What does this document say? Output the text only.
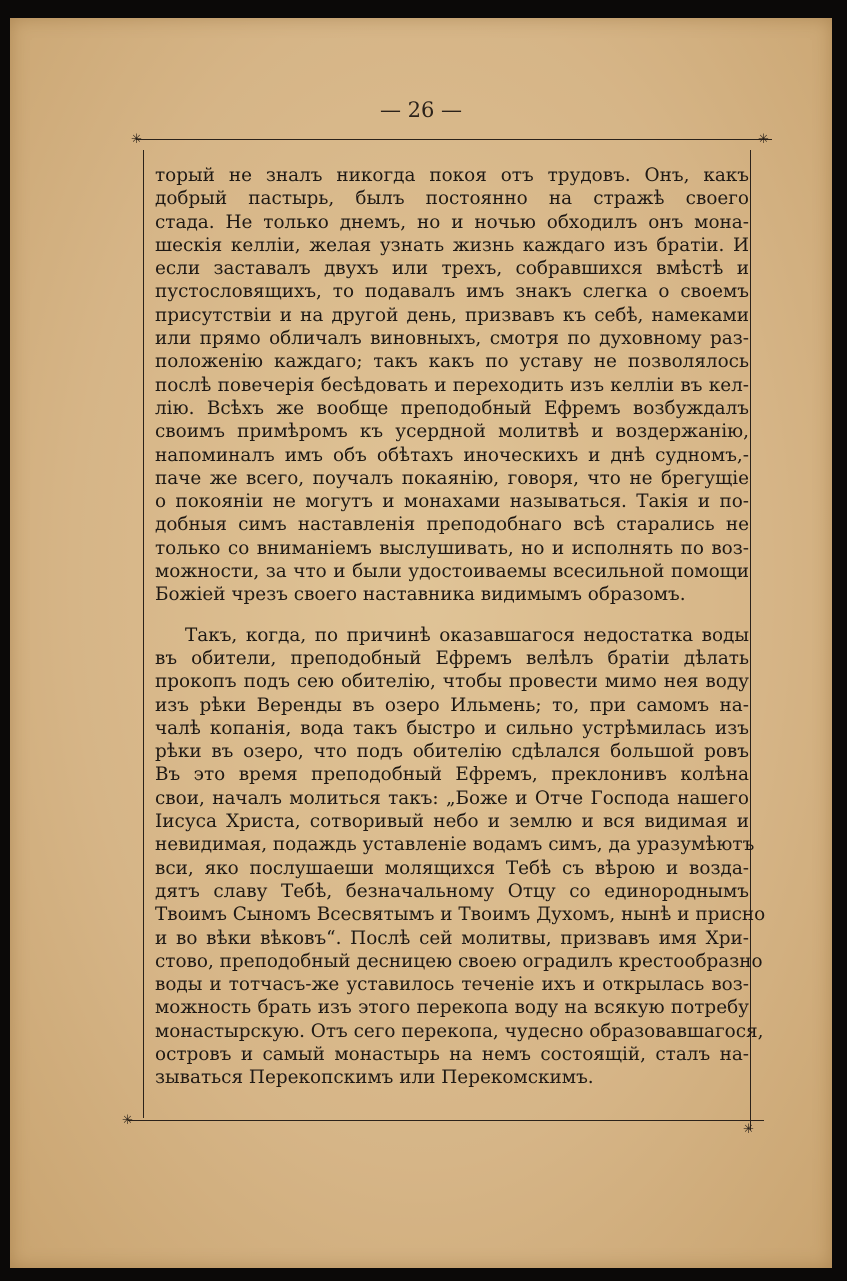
— 26 —
✳	✳
✳
✳
торый не зналъ никогда покоя отъ трудовъ. Онъ, какъ
добрый пастырь, былъ постоянно на стражѣ своего
стада. Не только днемъ, но и ночью обходилъ онъ мона-
шескія келліи, желая узнать жизнь каждаго изъ братіи. И
если заставалъ двухъ или трехъ, собравшихся вмѣстѣ и
пустословящихъ, то подавалъ имъ знакъ слегка о своемъ
присутствіи и на другой день, призвавъ къ себѣ, намеками
или прямо обличалъ виновныхъ, смотря по духовному раз-
положенію каждаго; такъ какъ по уставу не позволялось
послѣ повечерія бесѣдовать и переходить изъ келліи въ кел-
лію. Всѣхъ же вообще преподобный Ефремъ возбуждалъ
своимъ примѣромъ къ усердной молитвѣ и воздержанію,
напоминалъ имъ объ обѣтахъ иноческихъ и днѣ судномъ,-
паче же всего, поучалъ покаянію, говоря, что не брегущіе
о покояніи не могутъ и монахами называться. Такія и по-
добныя симъ наставленія преподобнаго всѣ старались не
только со вниманіемъ выслушивать, но и исполнять по воз-
можности, за что и были удостоиваемы всесильной помощи
Божіей чрезъ своего наставника видимымъ образомъ.
Такъ, когда, по причинѣ оказавшагося недостатка воды
въ обители, преподобный Ефремъ велѣлъ братіи дѣлать
прокопъ подъ сею обителію, чтобы провести мимо нея воду
изъ рѣки Веренды въ озеро Ильмень; то, при самомъ на-
чалѣ копанія, вода такъ быстро и сильно устрѣмилась изъ
рѣки въ озеро, что подъ обителію сдѣлался большой ровъ
Въ это время преподобный Ефремъ, преклонивъ колѣна
свои, началъ молиться такъ: „Боже и Отче Господа нашего
Іисуса Христа, сотворивый небо и землю и вся видимая и
невидимая, подаждь уставленіе водамъ симъ, да уразумѣютъ
вси, яко послушаеши молящихся Тебѣ съ вѣрою и возда-
дятъ славу Тебѣ, безначальному Отцу со единороднымъ
Твоимъ Сыномъ Всесвятымъ и Твоимъ Духомъ, нынѣ и присно
и во вѣки вѣковъ“. Послѣ сей молитвы, призвавъ имя Хри-
стово, преподобный десницею своею оградилъ крестообразно
воды и тотчасъ-же уставилось теченіе ихъ и открылась воз-
можность брать изъ этого перекопа воду на всякую потребу
монастырскую. Отъ сего перекопа, чудесно образовавшагося,
островъ и самый монастырь на немъ состоящій, сталъ на-
зываться Перекопскимъ или Перекомскимъ.
